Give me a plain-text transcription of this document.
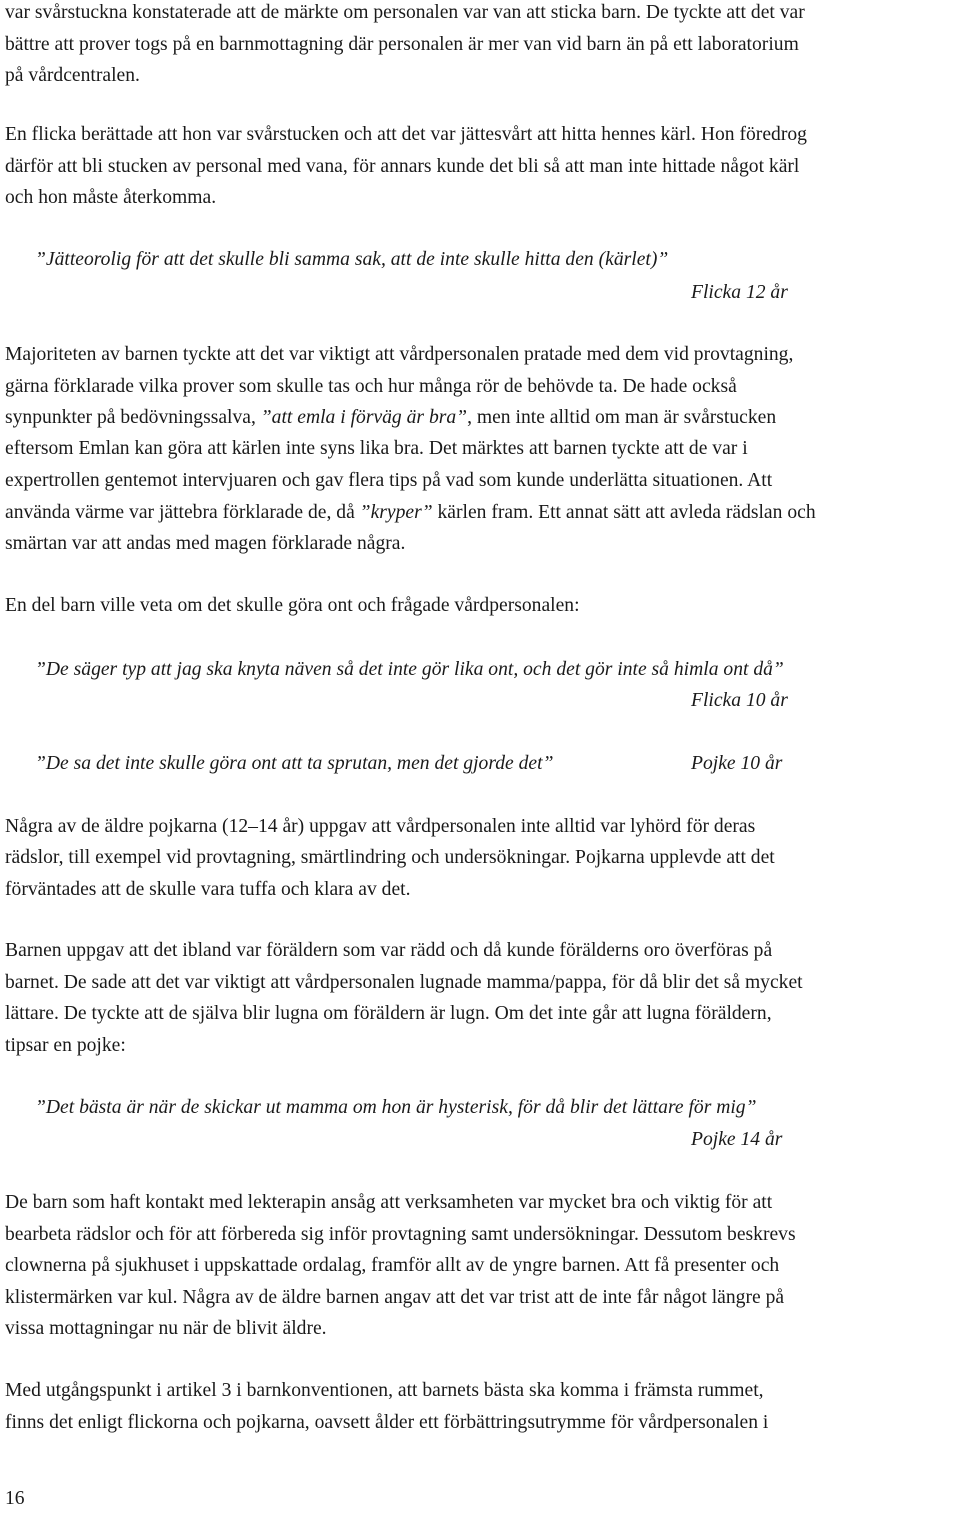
var svårstuckna konstaterade att de märkte om personalen var van att sticka barn. De tyckte att det var
bättre att prover togs på en barnmottagning där personalen är mer van vid barn än på ett laboratorium
på vårdcentralen.
En flicka berättade att hon var svårstucken och att det var jättesvårt att hitta hennes kärl. Hon föredrog
därför att bli stucken av personal med vana, för annars kunde det bli så att man inte hittade något kärl
och hon måste återkomma.
”Jätteorolig för att det skulle bli samma sak, att de inte skulle hitta den (kärlet)”
Flicka 12 år
Majoriteten av barnen tyckte att det var viktigt att vårdpersonalen pratade med dem vid provtagning,
gärna förklarade vilka prover som skulle tas och hur många rör de behövde ta. De hade också
synpunkter på bedövningssalva, ”att emla i förväg är bra”, men inte alltid om man är svårstucken
eftersom Emlan kan göra att kärlen inte syns lika bra. Det märktes att barnen tyckte att de var i
expertrollen gentemot intervjuaren och gav flera tips på vad som kunde underlätta situationen. Att
använda värme var jättebra förklarade de, då ”kryper” kärlen fram. Ett annat sätt att avleda rädslan och
smärtan var att andas med magen förklarade några.
En del barn ville veta om det skulle göra ont och frågade vårdpersonalen:
”De säger typ att jag ska knyta näven så det inte gör lika ont, och det gör inte så himla ont då”
Flicka 10 år
”De sa det inte skulle göra ont att ta sprutan, men det gjorde det”	Pojke 10 år
Några av de äldre pojkarna (12–14 år) uppgav att vårdpersonalen inte alltid var lyhörd för deras
rädslor, till exempel vid provtagning, smärtlindring och undersökningar. Pojkarna upplevde att det
förväntades att de skulle vara tuffa och klara av det.
Barnen uppgav att det ibland var föräldern som var rädd och då kunde förälderns oro överföras på
barnet. De sade att det var viktigt att vårdpersonalen lugnade mamma/pappa, för då blir det så mycket
lättare. De tyckte att de själva blir lugna om föräldern är lugn. Om det inte går att lugna föräldern,
tipsar en pojke:
”Det bästa är när de skickar ut mamma om hon är hysterisk, för då blir det lättare för mig”
Pojke 14 år
De barn som haft kontakt med lekterapin ansåg att verksamheten var mycket bra och viktig för att
bearbeta rädslor och för att förbereda sig inför provtagning samt undersökningar. Dessutom beskrevs
clownerna på sjukhuset i uppskattade ordalag, framför allt av de yngre barnen. Att få presenter och
klistermärken var kul. Några av de äldre barnen angav att det var trist att de inte får något längre på
vissa mottagningar nu när de blivit äldre.
Med utgångspunkt i artikel 3 i barnkonventionen, att barnets bästa ska komma i främsta rummet,
finns det enligt flickorna och pojkarna, oavsett ålder ett förbättringsutrymme för vårdpersonalen i
16
